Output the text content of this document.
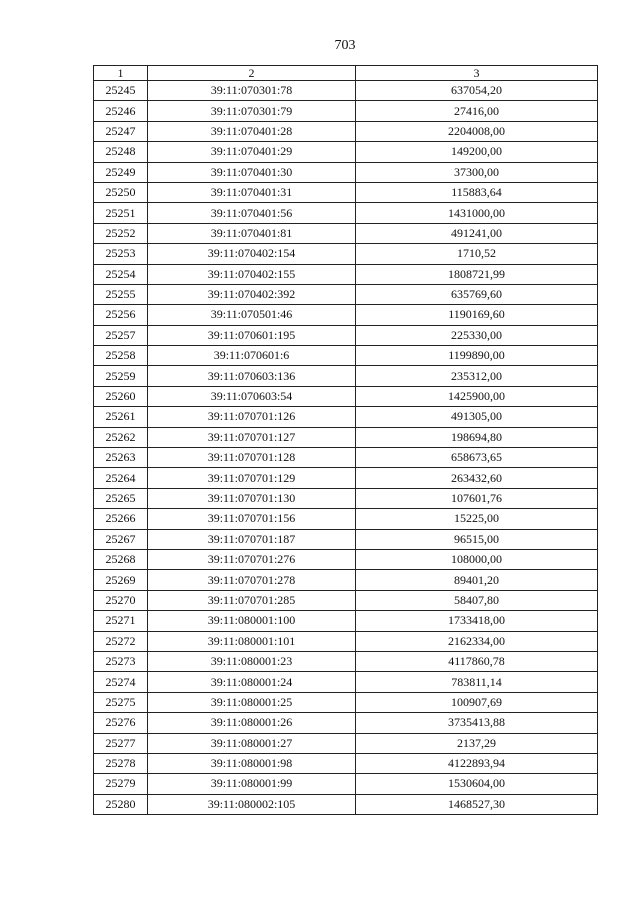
703
1	2	3
25245	39:11:070301:78	637054,20
25246	39:11:070301:79	27416,00
25247	39:11:070401:28	2204008,00
25248	39:11:070401:29	149200,00
25249	39:11:070401:30	37300,00
25250	39:11:070401:31	115883,64
25251	39:11:070401:56	1431000,00
25252	39:11:070401:81	491241,00
25253	39:11:070402:154	1710,52
25254	39:11:070402:155	1808721,99
25255	39:11:070402:392	635769,60
25256	39:11:070501:46	1190169,60
25257	39:11:070601:195	225330,00
25258	39:11:070601:6	1199890,00
25259	39:11:070603:136	235312,00
25260	39:11:070603:54	1425900,00
25261	39:11:070701:126	491305,00
25262	39:11:070701:127	198694,80
25263	39:11:070701:128	658673,65
25264	39:11:070701:129	263432,60
25265	39:11:070701:130	107601,76
25266	39:11:070701:156	15225,00
25267	39:11:070701:187	96515,00
25268	39:11:070701:276	108000,00
25269	39:11:070701:278	89401,20
25270	39:11:070701:285	58407,80
25271	39:11:080001:100	1733418,00
25272	39:11:080001:101	2162334,00
25273	39:11:080001:23	4117860,78
25274	39:11:080001:24	783811,14
25275	39:11:080001:25	100907,69
25276	39:11:080001:26	3735413,88
25277	39:11:080001:27	2137,29
25278	39:11:080001:98	4122893,94
25279	39:11:080001:99	1530604,00
25280	39:11:080002:105	1468527,30
